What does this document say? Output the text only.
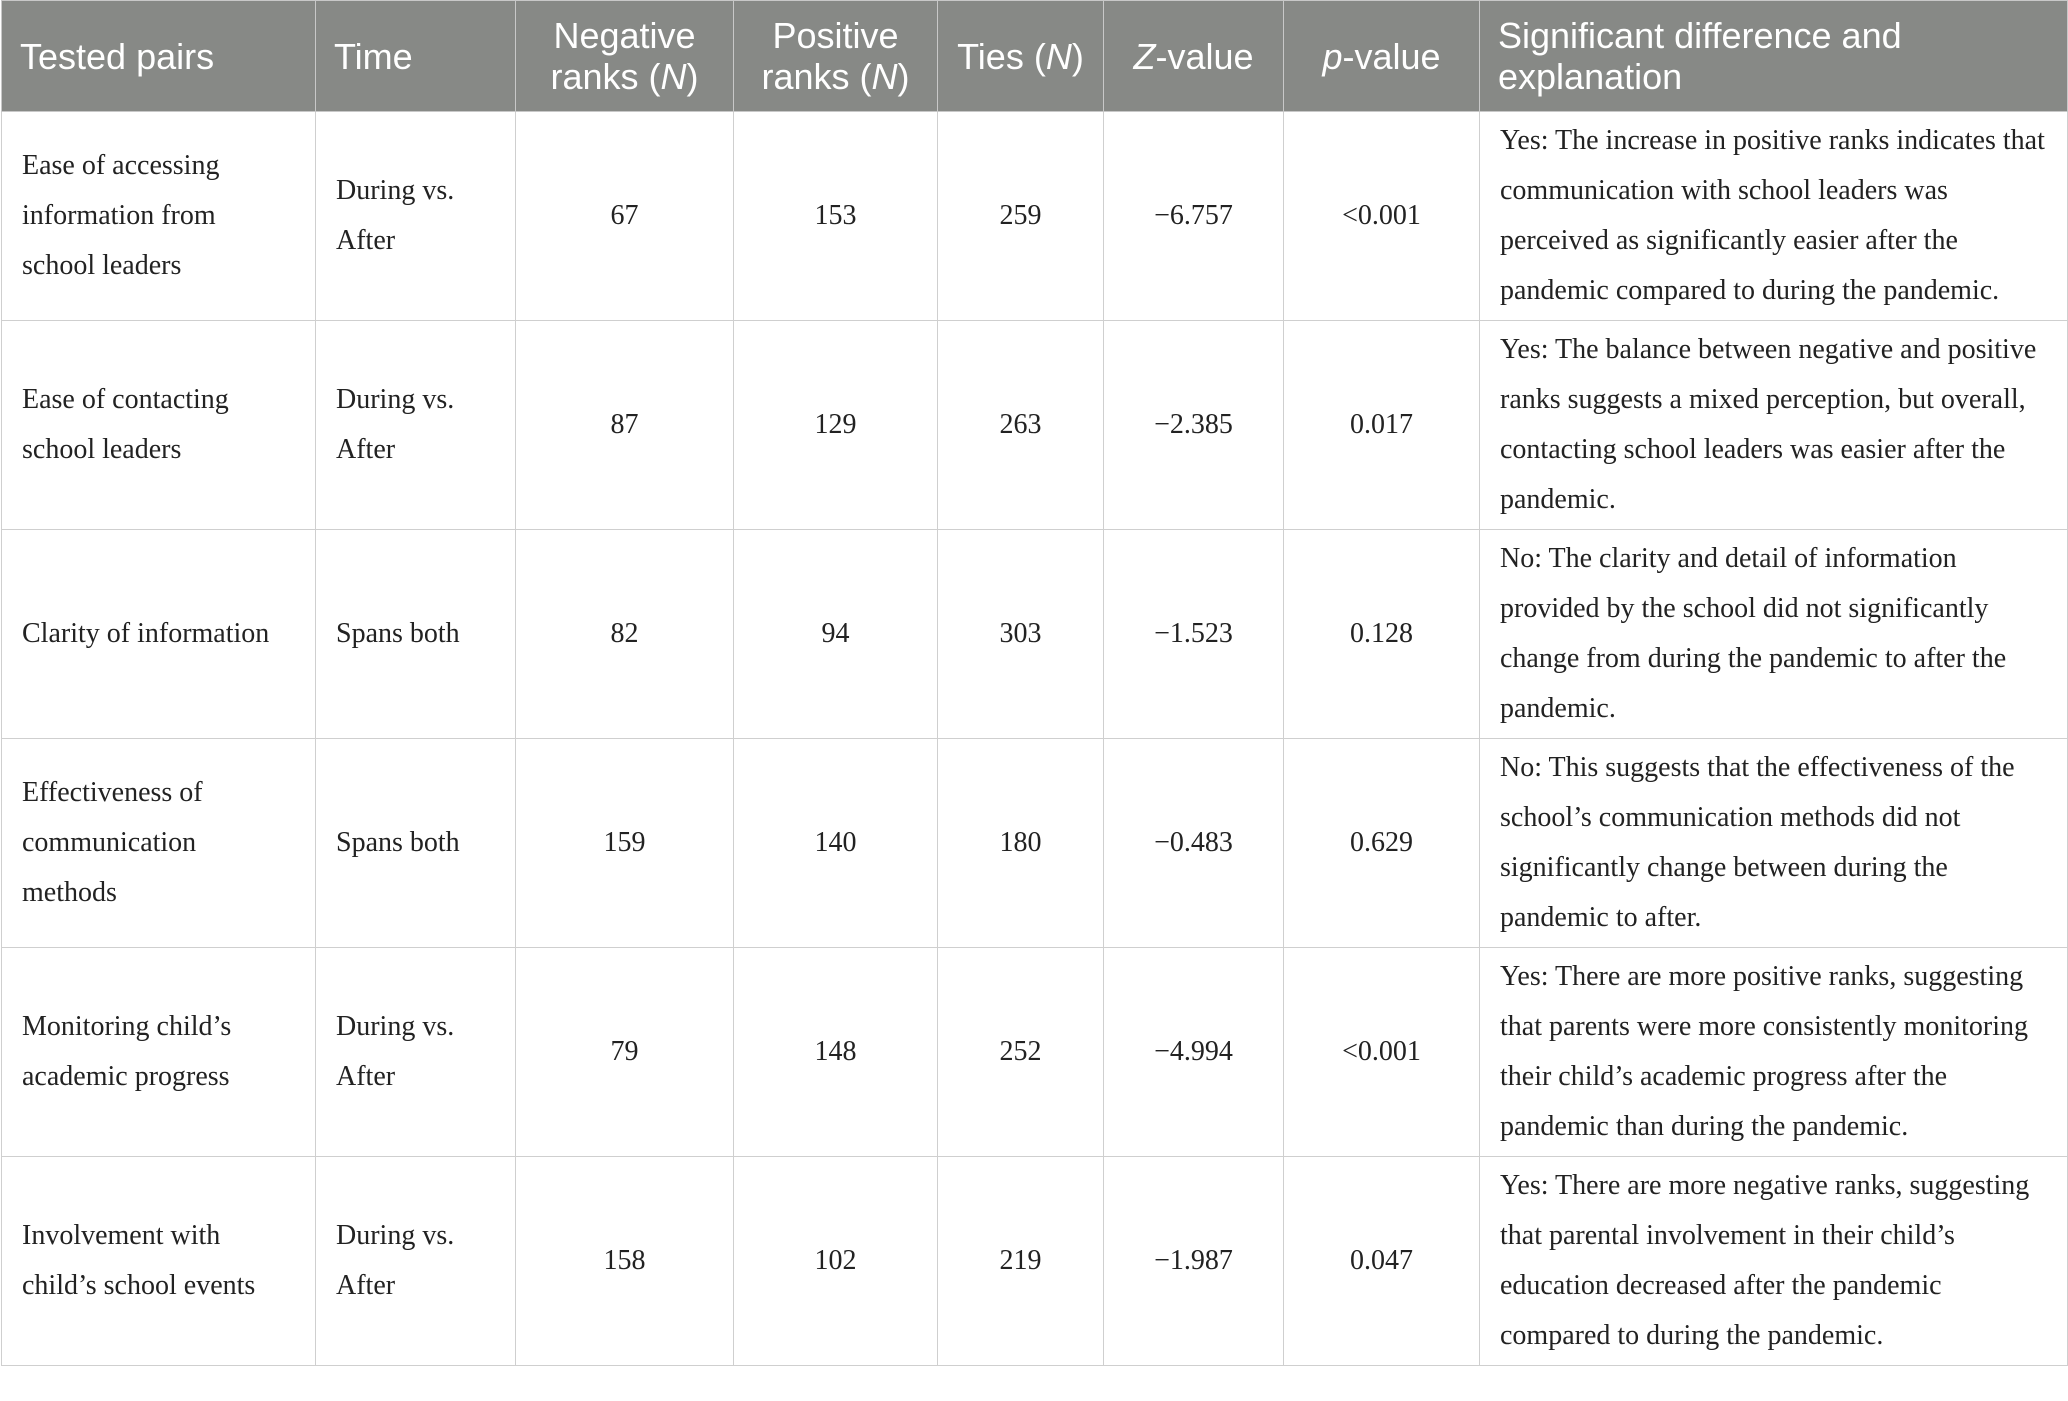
Tested pairs	Time	Negative ranks (N)	Positive ranks (N)	Ties (N)	Z-value	p-value	Significant difference and explanation
Ease of accessing information from school leaders	During vs. After	67	153	259	−6.757	<0.001	Yes: The increase in positive ranks indicates that communication with school leaders was perceived as significantly easier after the pandemic compared to during the pandemic.
Ease of contacting school leaders	During vs. After	87	129	263	−2.385	0.017	Yes: The balance between negative and positive ranks suggests a mixed perception, but overall, contacting school leaders was easier after the pandemic.
Clarity of information	Spans both	82	94	303	−1.523	0.128	No: The clarity and detail of information provided by the school did not significantly change from during the pandemic to after the pandemic.
Effectiveness of communication methods	Spans both	159	140	180	−0.483	0.629	No: This suggests that the effectiveness of the school’s communication methods did not significantly change between during the pandemic to after.
Monitoring child’s academic progress	During vs. After	79	148	252	−4.994	<0.001	Yes: There are more positive ranks, suggesting that parents were more consistently monitoring their child’s academic progress after the pandemic than during the pandemic.
Involvement with child’s school events	During vs. After	158	102	219	−1.987	0.047	Yes: There are more negative ranks, suggesting that parental involvement in their child’s education decreased after the pandemic compared to during the pandemic.
